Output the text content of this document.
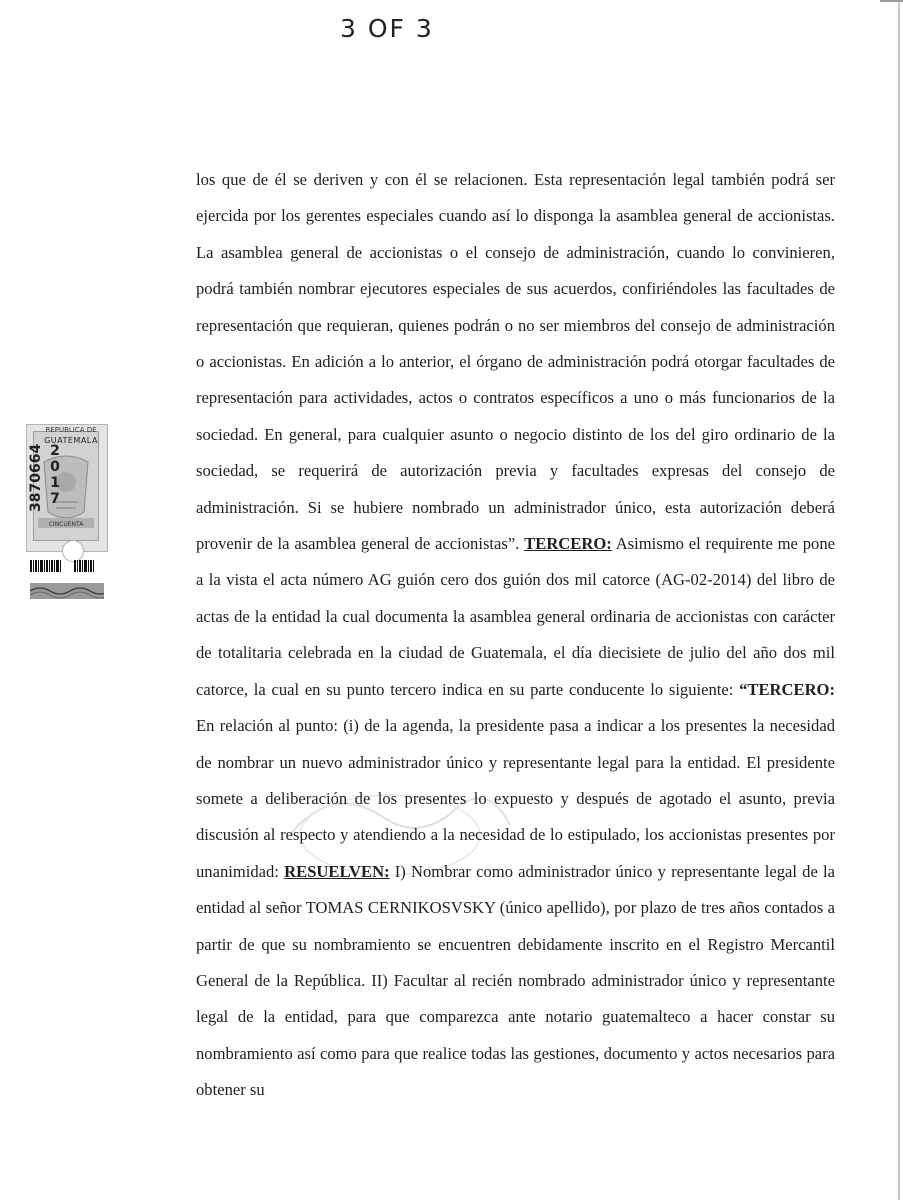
3 OF 3
CINCUENTA
REPUBLICA DE
GUATEMALA
3870664 2017

los que de él se deriven y con él se relacionen. Esta representación legal también podrá ser ejercida por los gerentes especiales cuando así lo disponga la asamblea general de accionistas. La asamblea general de accionistas o el consejo de administración, cuando lo convinieren, podrá también nombrar ejecutores especiales de sus acuerdos, confiriéndoles las facultades de representación que requieran, quienes podrán o no ser miembros del consejo de administración o accionistas. En adición a lo anterior, el órgano de administración podrá otorgar facultades de representación para actividades, actos o contratos específicos a uno o más funcionarios de la sociedad. En general, para cualquier asunto o negocio distinto de los del giro ordinario de la sociedad, se requerirá de autorización previa y facultades expresas del consejo de administración. Si se hubiere nombrado un administrador único, esta autorización deberá provenir de la asamblea general de accionistas”. TERCERO: Asimismo el requirente me pone a la vista el acta número AG guión cero dos guión dos mil catorce (AG-02-2014) del libro de actas de la entidad la cual documenta la asamblea general ordinaria de accionistas con carácter de totalitaria celebrada en la ciudad de Guatemala, el día diecisiete de julio del año dos mil catorce, la cual en su punto tercero indica en su parte conducente lo siguiente: “TERCERO: En relación al punto: (i) de la agenda, la presidente pasa a indicar a los presentes la necesidad de nombrar un nuevo administrador único y representante legal para la entidad. El presidente somete a deliberación de los presentes lo expuesto y después de agotado el asunto, previa discusión al respecto y atendiendo a la necesidad de lo estipulado, los accionistas presentes por unanimidad: RESUELVEN: I) Nombrar como administrador único y representante legal de la entidad al señor TOMAS CERNIKOSVSKY (único apellido), por plazo de tres años contados a partir de que su nombramiento se encuentren debidamente inscrito en el Registro Mercantil General de la República. II) Facultar al recién nombrado administrador único y representante legal de la entidad, para que comparezca ante notario guatemalteco a hacer constar su nombramiento así como para que realice todas las gestiones, documento y actos necesarios para obtener su
